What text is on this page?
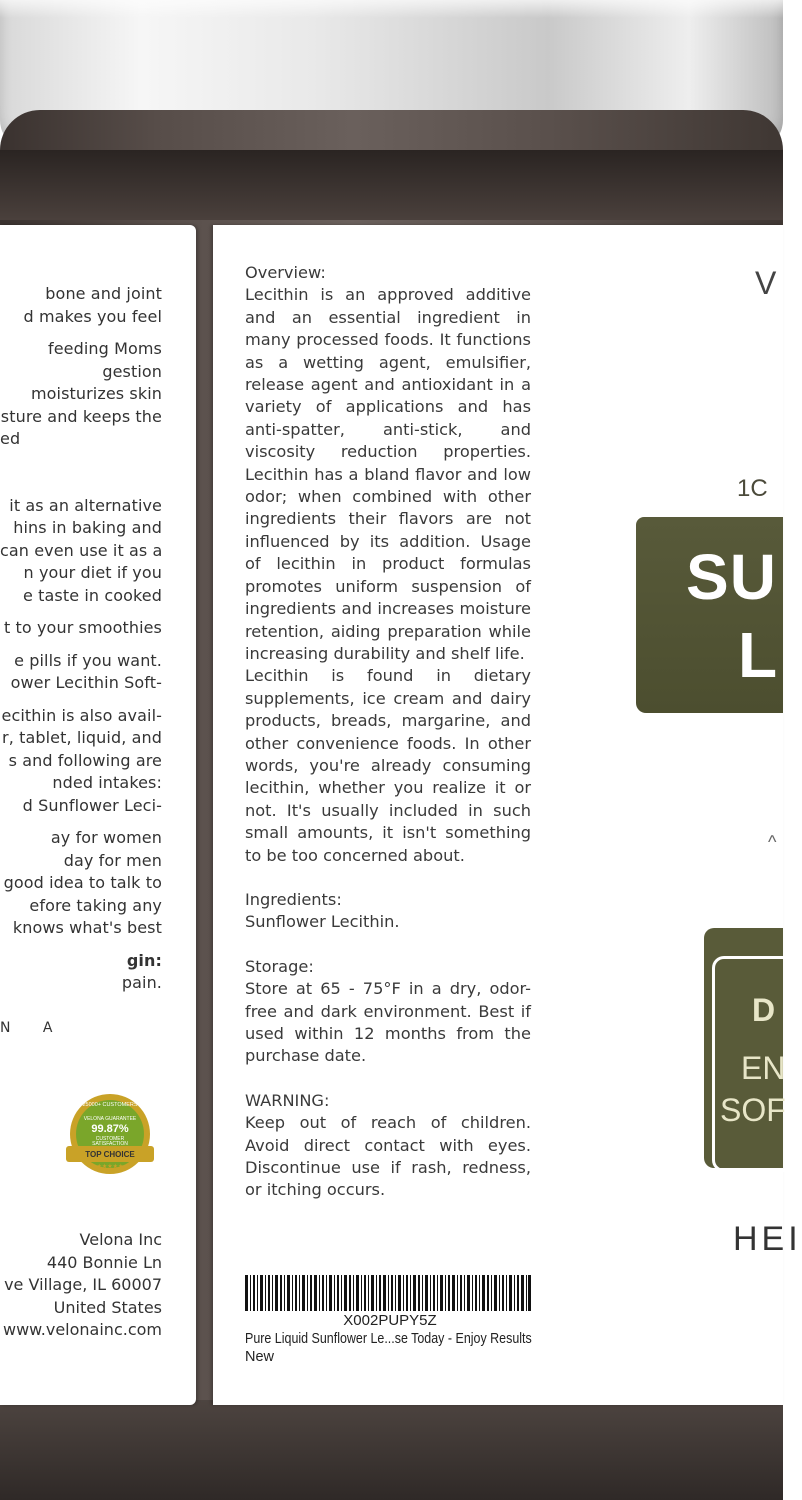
bone and joint
d makes you feel
feeding Moms
gestion
moisturizes skin
sture and keeps the
ed
it as an alternative
hins in baking and
can even use it as a
n your diet if you
e taste in cooked
t to your smoothies
e pills if you want.
ower Lecithin Soft-
ecithin is also avail-
r, tablet, liquid, and
s and following are
nded intakes:
d Sunflower Leci-
ay for women
day for men
good idea to talk to
efore taking any
knows what's best
gin:
pain.
N A
25000+ CUSTOMERS
VELONA GUARANTEE
99.87%
CUSTOMER
SATISFACTION
TOP CHOICE
★★★★★
Velona Inc
440 Bonnie Ln
ve Village, IL 60007
United States
www.velonainc.com

Overview:

Lecithin is an approved additive and an essential ingredient in many processed foods. It functions as a wetting agent, emulsifier, release agent and antioxidant in a variety of applications and has anti-spatter, anti-stick, and viscosity reduction properties. Lecithin has a bland flavor and low odor; when combined with other ingredients their flavors are not influenced by its addition. Usage of lecithin in product formulas promotes uniform suspension of ingredients and increases moisture retention, aiding preparation while increasing durability and shelf life.

Lecithin is found in dietary supplements, ice cream and dairy products, breads, margarine, and other convenience foods. In other words, you're already consuming lecithin, whether you realize it or not. It's usually included in such small amounts, it isn't something to be too concerned about.

Ingredients:

Sunflower Lecithin.

Storage:

Store at 65 - 75°F in a dry, odor-free and dark environment. Best if used within 12 months from the purchase date.

WARNING:

Keep out of reach of children. Avoid direct contact with eyes. Discontinue use if rash, redness, or itching occurs.

X002PUPY5Z
Pure Liquid Sunflower Le...se Today - Enjoy Results
New
V
1C
SU
L
^
D
EN
SOF
HEI
